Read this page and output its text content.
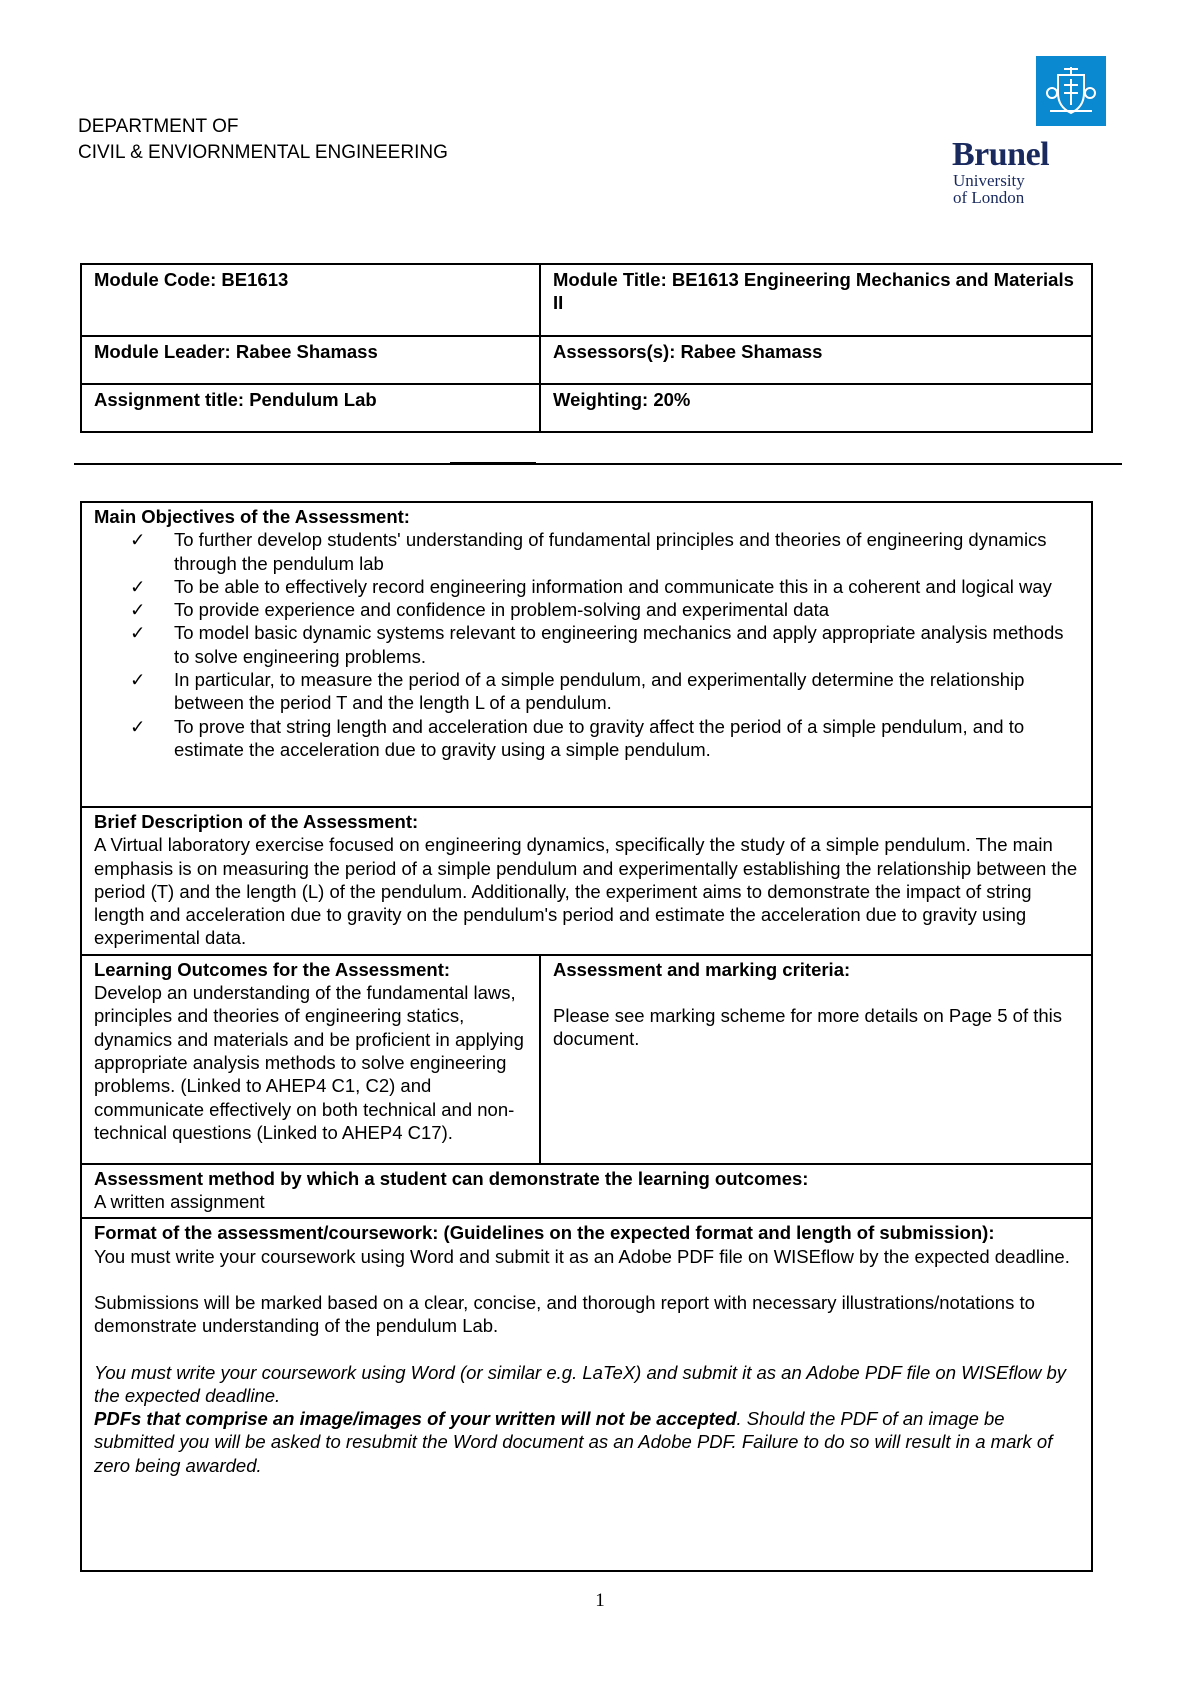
DEPARTMENT OF
CIVIL & ENVIORNMENTAL ENGINEERING	Brunel
University
of London
Module Code: BE1613	Module Title: BE1613 Engineering Mechanics and Materials II
Module Leader: Rabee Shamass	Assessors(s): Rabee Shamass
Assignment title: Pendulum Lab	Weighting: 20%
Main Objectives of the Assessment:
✓ To further develop students' understanding of fundamental principles and theories of engineering dynamics through the pendulum lab
✓ To be able to effectively record engineering information and communicate this in a coherent and logical way
✓ To provide experience and confidence in problem-solving and experimental data
✓ To model basic dynamic systems relevant to engineering mechanics and apply appropriate analysis methods to solve engineering problems.
✓ In particular, to measure the period of a simple pendulum, and experimentally determine the relationship between the period T and the length L of a pendulum.
✓ To prove that string length and acceleration due to gravity affect the period of a simple pendulum, and to estimate the acceleration due to gravity using a simple pendulum.

Brief Description of the Assessment:
A Virtual laboratory exercise focused on engineering dynamics, specifically the study of a simple pendulum. The main emphasis is on measuring the period of a simple pendulum and experimentally establishing the relationship between the period (T) and the length (L) of the pendulum. Additionally, the experiment aims to demonstrate the impact of string length and acceleration due to gravity on the pendulum's period and estimate the acceleration due to gravity using experimental data.

Learning Outcomes for the Assessment:
Develop an understanding of the fundamental laws, principles and theories of engineering statics, dynamics and materials and be proficient in applying appropriate analysis methods to solve engineering problems. (Linked to AHEP4 C1, C2) and communicate effectively on both technical and non-technical questions (Linked to AHEP4 C17).

Assessment and marking criteria:
Please see marking scheme for more details on Page 5 of this document.

Assessment method by which a student can demonstrate the learning outcomes:
A written assignment

Format of the assessment/coursework: (Guidelines on the expected format and length of submission):
You must write your coursework using Word and submit it as an Adobe PDF file on WISEflow by the expected deadline.
Submissions will be marked based on a clear, concise, and thorough report with necessary illustrations/notations to demonstrate understanding of the pendulum Lab.
You must write your coursework using Word (or similar e.g. LaTeX) and submit it as an Adobe PDF file on WISEflow by the expected deadline.
PDFs that comprise an image/images of your written will not be accepted. Should the PDF of an image be submitted you will be asked to resubmit the Word document as an Adobe PDF. Failure to do so will result in a mark of zero being awarded.
1
